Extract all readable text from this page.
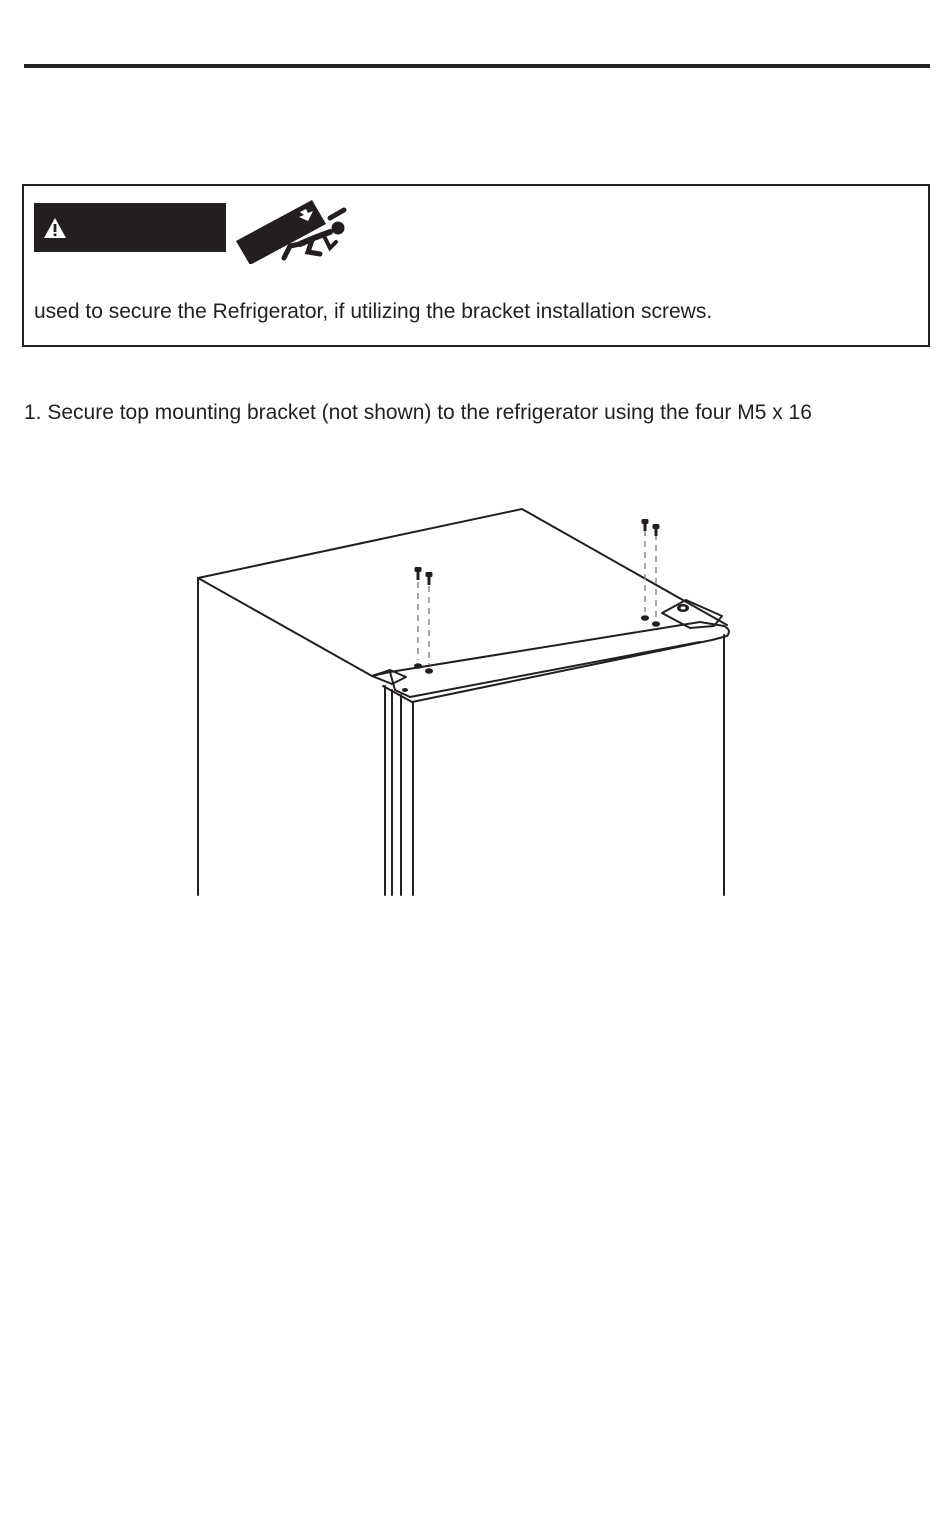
used to secure the Refrigerator, if utilizing the bracket installation screws.
1. Secure top mounting bracket (not shown) to the refrigerator using the four M5 x 16
